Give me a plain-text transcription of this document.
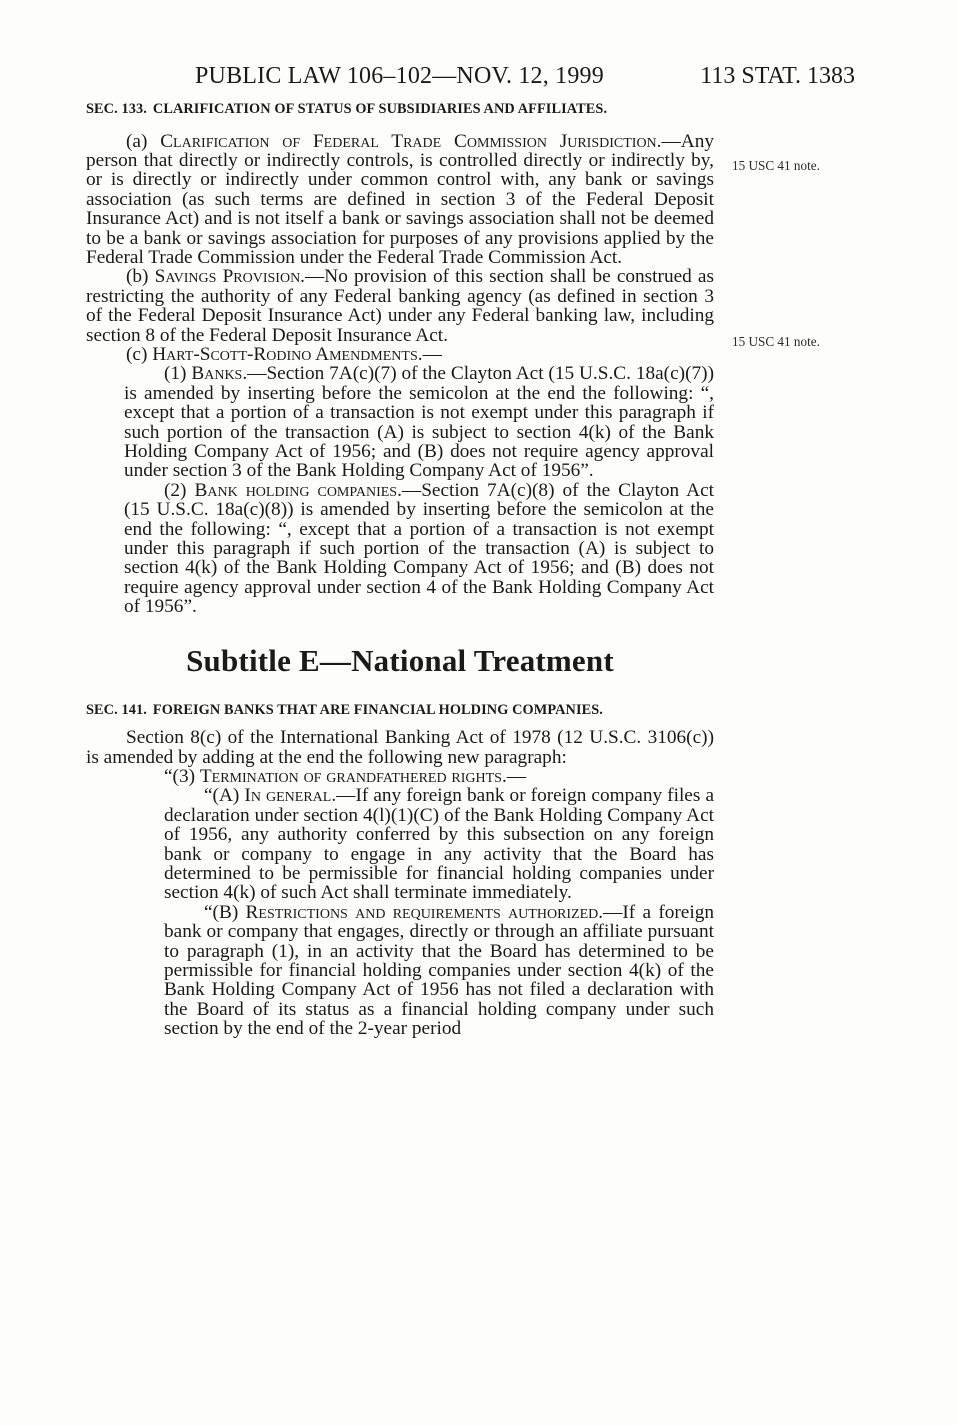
PUBLIC LAW 106–102—NOV. 12, 1999	113 STAT. 1383
15 USC 41 note.
15 USC 41 note.
SEC. 133. CLARIFICATION OF STATUS OF SUBSIDIARIES AND AFFILIATES.

(a) Clarification of Federal Trade Commission Jurisdiction.—Any person that directly or indirectly controls, is controlled directly or indirectly by, or is directly or indirectly under common control with, any bank or savings association (as such terms are defined in section 3 of the Federal Deposit Insurance Act) and is not itself a bank or savings association shall not be deemed to be a bank or savings association for purposes of any provisions applied by the Federal Trade Commission under the Federal Trade Commission Act.

(b) Savings Provision.—No provision of this section shall be construed as restricting the authority of any Federal banking agency (as defined in section 3 of the Federal Deposit Insurance Act) under any Federal banking law, including section 8 of the Federal Deposit Insurance Act.

(c) Hart-Scott-Rodino Amendments.—

(1) Banks.—Section 7A(c)(7) of the Clayton Act (15 U.S.C. 18a(c)(7)) is amended by inserting before the semicolon at the end the following: “, except that a portion of a transaction is not exempt under this paragraph if such portion of the transaction (A) is subject to section 4(k) of the Bank Holding Company Act of 1956; and (B) does not require agency approval under section 3 of the Bank Holding Company Act of 1956”.

(2) Bank holding companies.—Section 7A(c)(8) of the Clayton Act (15 U.S.C. 18a(c)(8)) is amended by inserting before the semicolon at the end the following: “, except that a portion of a transaction is not exempt under this paragraph if such portion of the transaction (A) is subject to section 4(k) of the Bank Holding Company Act of 1956; and (B) does not require agency approval under section 4 of the Bank Holding Company Act of 1956”.

Subtitle E—National Treatment
SEC. 141. FOREIGN BANKS THAT ARE FINANCIAL HOLDING COMPANIES.

Section 8(c) of the International Banking Act of 1978 (12 U.S.C. 3106(c)) is amended by adding at the end the following new paragraph:

“(3) Termination of grandfathered rights.—

“(A) In general.—If any foreign bank or foreign company files a declaration under section 4(l)(1)(C) of the Bank Holding Company Act of 1956, any authority conferred by this subsection on any foreign bank or company to engage in any activity that the Board has determined to be permissible for financial holding companies under section 4(k) of such Act shall terminate immediately.

“(B) Restrictions and requirements authorized.—If a foreign bank or company that engages, directly or through an affiliate pursuant to paragraph (1), in an activity that the Board has determined to be permissible for financial holding companies under section 4(k) of the Bank Holding Company Act of 1956 has not filed a declaration with the Board of its status as a financial holding company under such section by the end of the 2-year period
